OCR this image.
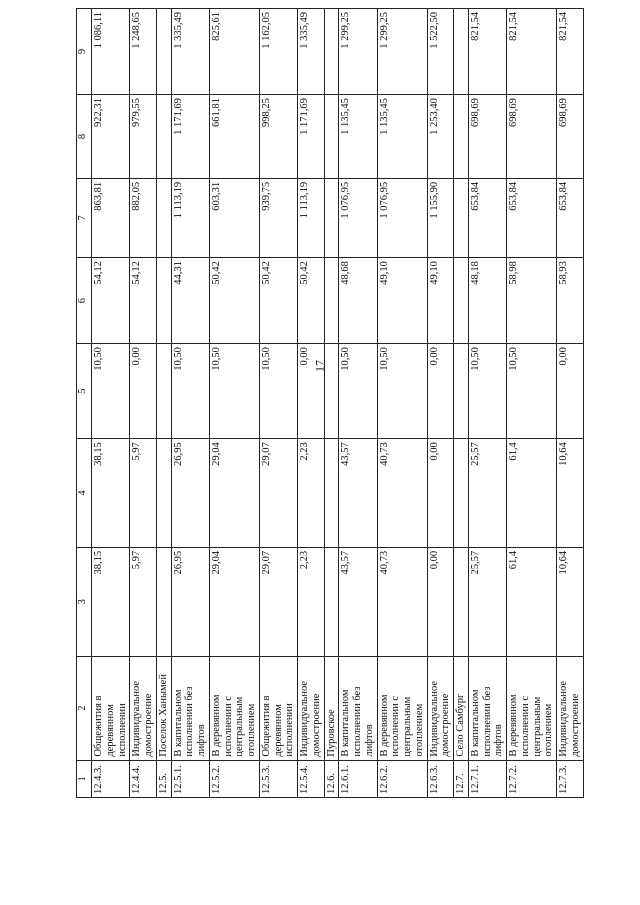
17
1	2	3	4	5	6	7	8	9
12.4.3.	Общежития в деревянном исполнении	38,15	38,15	10,50	54,12	863,81	922,31	1 086,11
12.4.4.	Индивидуальное домостроение	5,97	5,97	0,00	54,12	882,05	979,55	1 248,65
12.5.	Поселок Ханымей							
12.5.1.	В капитальном исполнении без лифтов	26,95	26,95	10,50	44,31	1 113,19	1 171,69	1 335,49
12.5.2.	В деревянном исполнении с центральным отоплением	29,04	29,04	10,50	50,42	603,31	661,81	825,61
12.5.3.	Общежития в деревянном исполнении	29,07	29,07	10,50	50,42	939,75	998,25	1 162,05
12.5.4.	Индивидуальное домостроение	2,23	2,23	0,00	50,42	1 113,19	1 171,69	1 335,49
12.6.	Пуровское							
12.6.1.	В капитальном исполнении без лифтов	43,57	43,57	10,50	48,68	1 076,95	1 135,45	1 299,25
12.6.2.	В деревянном исполнении с центральным отоплением	40,73	40,73	10,50	49,10	1 076,95	1 135,45	1 299,25
12.6.3.	Индивидуальное домостроение	0,00	0,00	0,00	49,10	1 155,90	1 253,40	1 522,50
12.7.	Село Самбург							
12.7.1.	В капитальном исполнении без лифтов	25,57	25,57	10,50	48,18	653,84	698,69	821,54
12.7.2.	В деревянном исполнении с центральным отоплением	61,4	61,4	10,50	58,98	653,84	698,69	821,54
12.7.3.	Индивидуальное домостроение	10,64	10,64	0,00	58,93	653,84	698,69	821,54
